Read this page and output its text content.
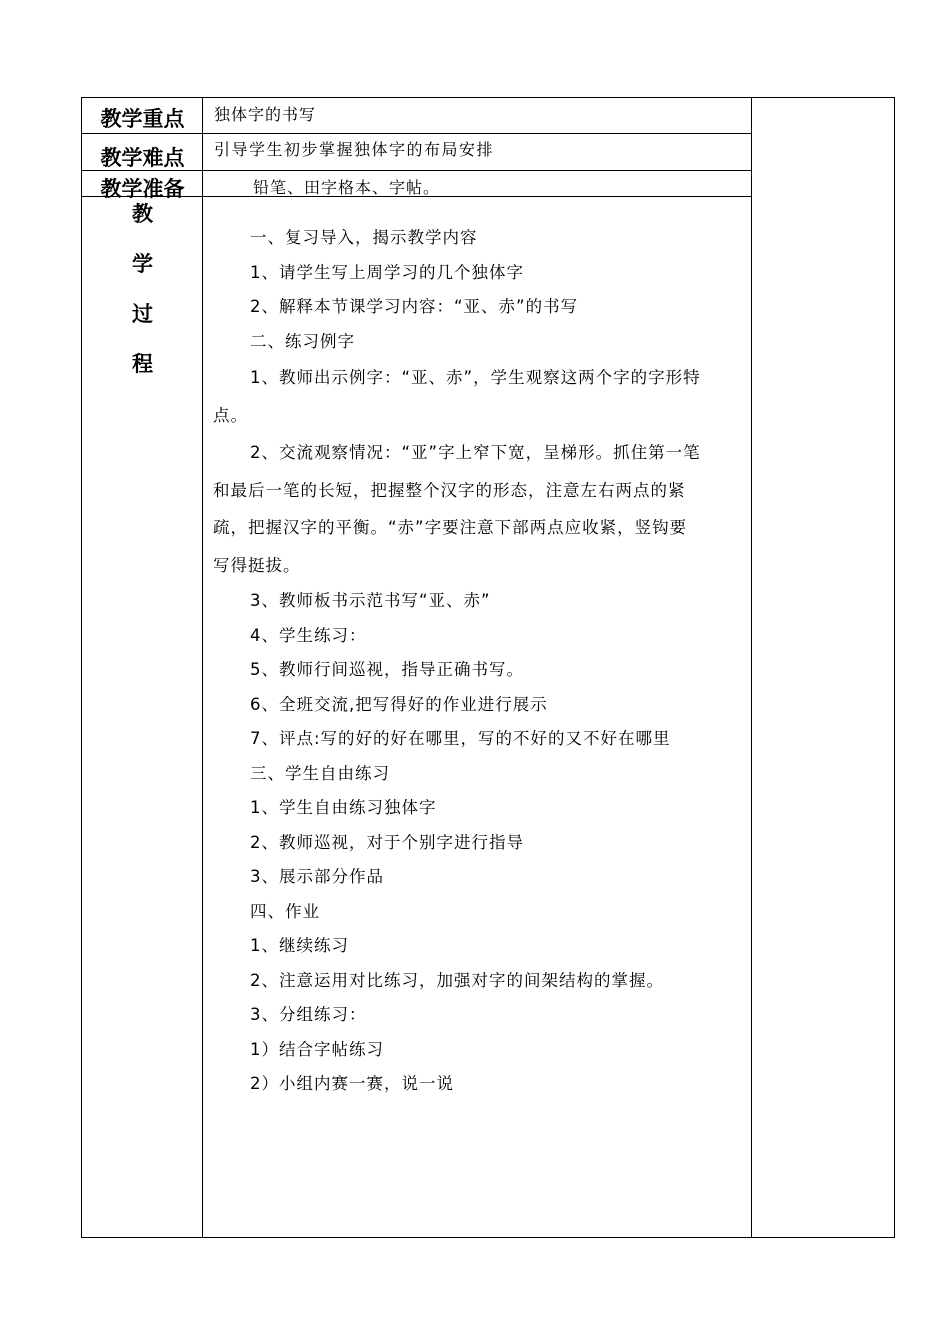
教学重点
教学难点
教学准备
独体字的书写
引导学生初步掌握独体字的布局安排
铅笔、田字格本、字帖。
教
学
过
程

一、复习导入，揭示教学内容

1、请学生写上周学习的几个独体字

2、解释本节课学习内容：“亚、赤”的书写

二、练习例字

1、教师出示例字：“亚、赤”，学生观察这两个字的字形特

点。

2、交流观察情况：“亚”字上窄下宽，呈梯形。抓住第一笔

和最后一笔的长短，把握整个汉字的形态，注意左右两点的紧

疏，把握汉字的平衡。“赤”字要注意下部两点应收紧，竖钩要

写得挺拔。

3、教师板书示范书写“亚、赤”

4、学生练习：

5、教师行间巡视，指导正确书写。

6、全班交流,把写得好的作业进行展示

7、评点:写的好的好在哪里，写的不好的又不好在哪里

三、学生自由练习

1、学生自由练习独体字

2、教师巡视，对于个别字进行指导

3、展示部分作品

四、作业

1、继续练习

2、注意运用对比练习，加强对字的间架结构的掌握。

3、分组练习：

1）结合字帖练习

2）小组内赛一赛，说一说
